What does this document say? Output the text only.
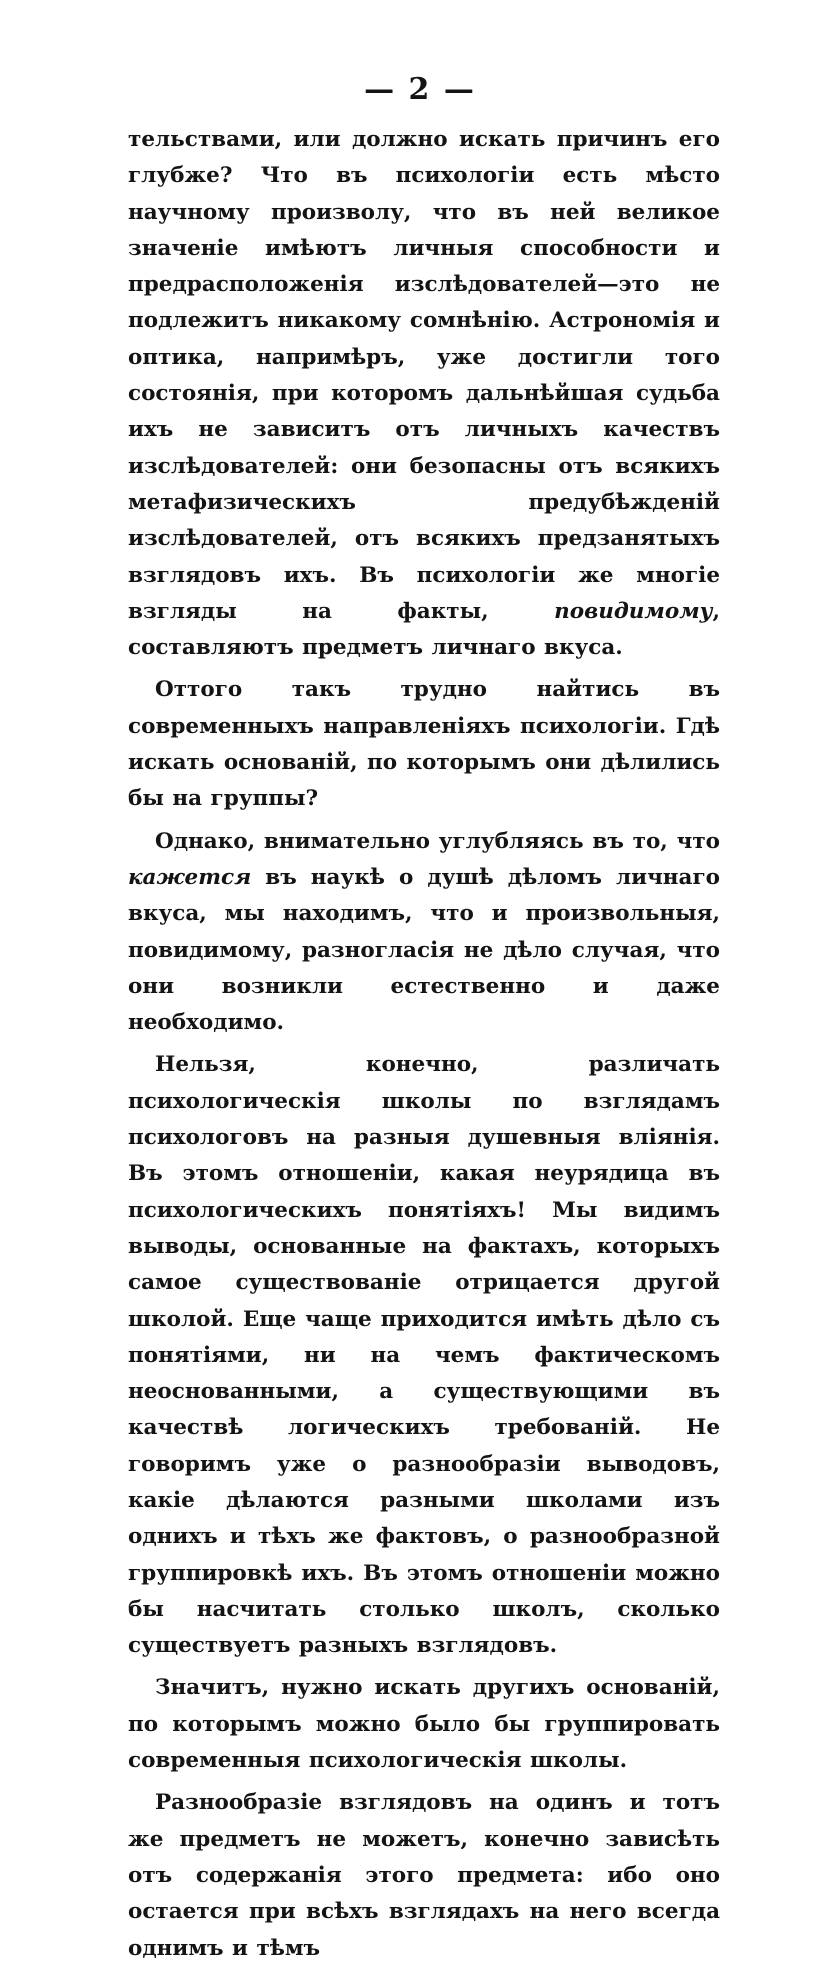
— 2 —

тельствами, или должно искать причинъ его глубже? Что въ психологіи есть мѣсто научному произволу, что въ ней великое значеніе имѣютъ личныя способности и предрасположенія изслѣдователей—это не подлежитъ никакому сомнѣнію. Астрономія и оптика, напримѣръ, уже достигли того состоянія, при которомъ дальнѣйшая судьба ихъ не зависитъ отъ личныхъ качествъ изслѣдователей: они безопасны отъ всякихъ метафизическихъ предубѣжденій изслѣдователей, отъ всякихъ предзанятыхъ взглядовъ ихъ. Въ психологіи же многіе взгляды на факты, повидимому, составляютъ предметъ личнаго вкуса.

Оттого такъ трудно найтись въ современныхъ направленіяхъ психологіи. Гдѣ искать основаній, по которымъ они дѣлились бы на группы?

Однако, внимательно углубляясь въ то, что кажется въ наукѣ о душѣ дѣломъ личнаго вкуса, мы находимъ, что и произвольныя, повидимому, разногласія не дѣло случая, что они возникли естественно и даже необходимо.

Нельзя, конечно, различать психологическія школы по взглядамъ психологовъ на разныя душевныя вліянія. Въ этомъ отношеніи, какая неурядица въ психологическихъ понятіяхъ! Мы видимъ выводы, основанные на фактахъ, которыхъ самое существованіе отрицается другой школой. Еще чаще приходится имѣть дѣло съ понятіями, ни на чемъ фактическомъ неоснованными, а существующими въ качествѣ логическихъ требованій. Не говоримъ уже о разнообразіи выводовъ, какіе дѣлаются разными школами изъ однихъ и тѣхъ же фактовъ, о разнообразной группировкѣ ихъ. Въ этомъ отношеніи можно бы насчитать столько школъ, сколько существуетъ разныхъ взглядовъ.

Значитъ, нужно искать другихъ основаній, по которымъ можно было бы группировать современныя психологическія школы.

Разнообразіе взглядовъ на одинъ и тотъ же предметъ не можетъ, конечно зависѣть отъ содержанія этого предмета: ибо оно остается при всѣхъ взглядахъ на него всегда однимъ и тѣмъ
